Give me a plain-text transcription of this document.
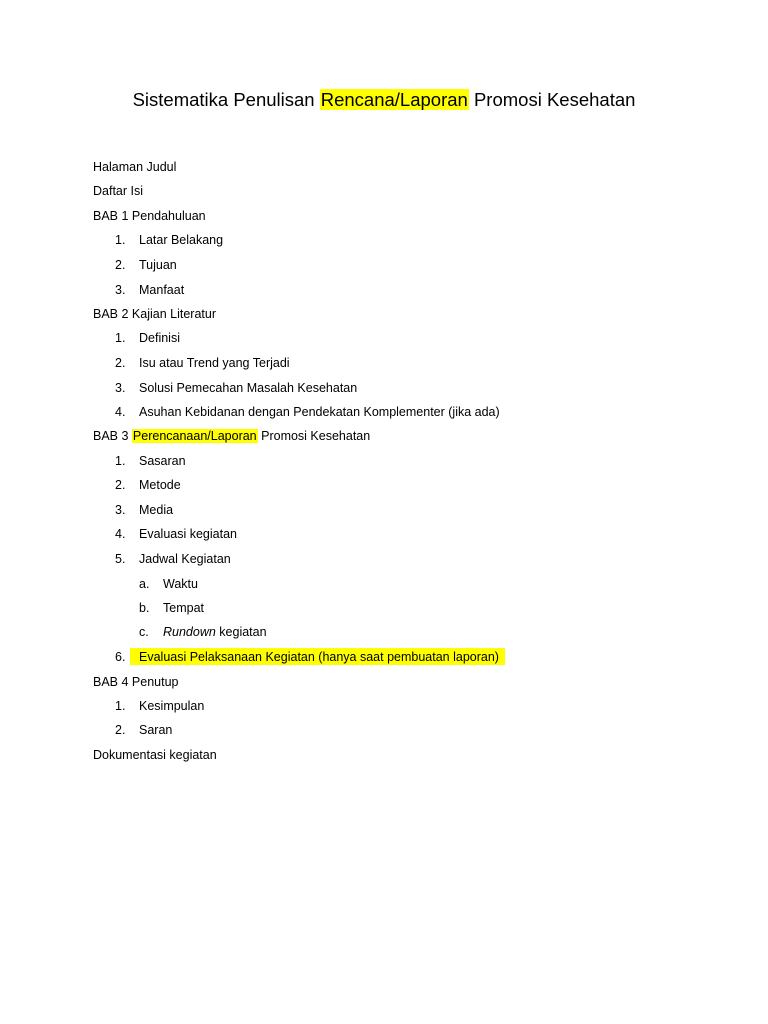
Sistematika Penulisan Rencana/Laporan Promosi Kesehatan
Halaman Judul
Daftar Isi
BAB 1 Pendahuluan
1.	Latar Belakang
2.	Tujuan
3.	Manfaat
BAB 2 Kajian Literatur
1.	Definisi
2.	Isu atau Trend yang Terjadi
3.	Solusi Pemecahan Masalah Kesehatan
4.	Asuhan Kebidanan dengan Pendekatan Komplementer (jika ada)
BAB 3 Perencanaan/Laporan Promosi Kesehatan
1.	Sasaran
2.	Metode
3.	Media
4.	Evaluasi kegiatan
5.	Jadwal Kegiatan
a.	Waktu
b.	Tempat
c.	Rundown kegiatan
6.	Evaluasi Pelaksanaan Kegiatan (hanya saat pembuatan laporan)
BAB 4 Penutup
1.	Kesimpulan
2.	Saran
Dokumentasi kegiatan
